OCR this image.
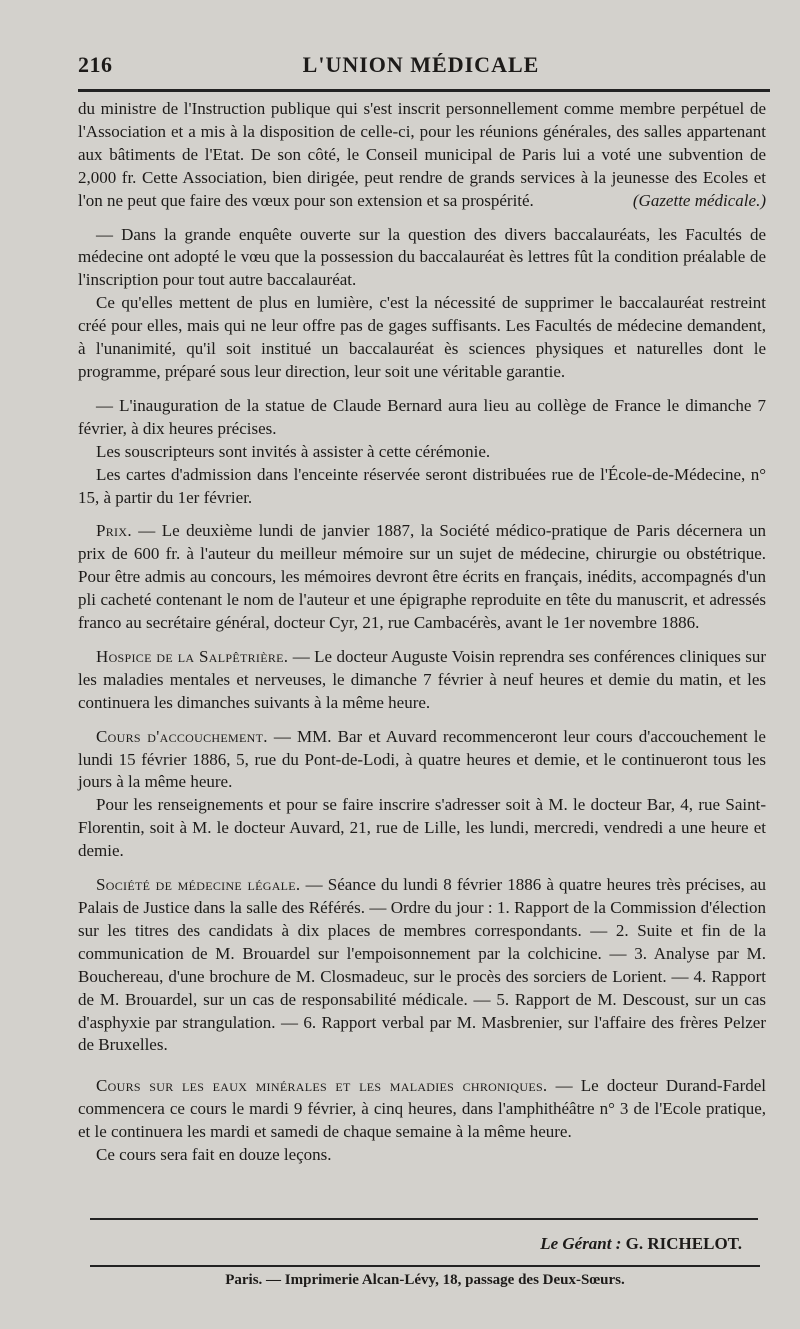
216	L'UNION MÉDICALE

du ministre de l'Instruction publique qui s'est inscrit personnellement comme membre perpétuel de l'Association et a mis à la disposition de celle-ci, pour les réunions générales, des salles appartenant aux bâtiments de l'Etat. De son côté, le Conseil municipal de Paris lui a voté une subvention de 2,000 fr. Cette Association, bien dirigée, peut rendre de grands services à la jeunesse des Ecoles et l'on ne peut que faire des vœux pour son extension et sa prospérité.	(Gazette médicale.)

— Dans la grande enquête ouverte sur la question des divers baccalauréats, les Facultés de médecine ont adopté le vœu que la possession du baccalauréat ès lettres fût la condition préalable de l'inscription pour tout autre baccalauréat.

Ce qu'elles mettent de plus en lumière, c'est la nécessité de supprimer le baccalauréat restreint créé pour elles, mais qui ne leur offre pas de gages suffisants. Les Facultés de médecine demandent, à l'unanimité, qu'il soit institué un baccalauréat ès sciences physiques et naturelles dont le programme, préparé sous leur direction, leur soit une véritable garantie.

— L'inauguration de la statue de Claude Bernard aura lieu au collège de France le dimanche 7 février, à dix heures précises.

Les souscripteurs sont invités à assister à cette cérémonie.

Les cartes d'admission dans l'enceinte réservée seront distribuées rue de l'École-de-Médecine, n° 15, à partir du 1er février.

Prix. — Le deuxième lundi de janvier 1887, la Société médico-pratique de Paris décernera un prix de 600 fr. à l'auteur du meilleur mémoire sur un sujet de médecine, chirurgie ou obstétrique. Pour être admis au concours, les mémoires devront être écrits en français, inédits, accompagnés d'un pli cacheté contenant le nom de l'auteur et une épigraphe reproduite en tête du manuscrit, et adressés franco au secrétaire général, docteur Cyr, 21, rue Cambacérès, avant le 1er novembre 1886.

Hospice de la Salpêtrière. — Le docteur Auguste Voisin reprendra ses conférences cliniques sur les maladies mentales et nerveuses, le dimanche 7 février à neuf heures et demie du matin, et les continuera les dimanches suivants à la même heure.

Cours d'accouchement. — MM. Bar et Auvard recommenceront leur cours d'accouchement le lundi 15 février 1886, 5, rue du Pont-de-Lodi, à quatre heures et demie, et le continueront tous les jours à la même heure.

Pour les renseignements et pour se faire inscrire s'adresser soit à M. le docteur Bar, 4, rue Saint-Florentin, soit à M. le docteur Auvard, 21, rue de Lille, les lundi, mercredi, vendredi a une heure et demie.

Société de médecine légale. — Séance du lundi 8 février 1886 à quatre heures très précises, au Palais de Justice dans la salle des Référés. — Ordre du jour : 1. Rapport de la Commission d'élection sur les titres des candidats à dix places de membres correspondants. — 2. Suite et fin de la communication de M. Brouardel sur l'empoisonnement par la colchicine. — 3. Analyse par M. Bouchereau, d'une brochure de M. Closmadeuc, sur le procès des sorciers de Lorient. — 4. Rapport de M. Brouardel, sur un cas de responsabilité médicale. — 5. Rapport de M. Descoust, sur un cas d'asphyxie par strangulation. — 6. Rapport verbal par M. Masbrenier, sur l'affaire des frères Pelzer de Bruxelles.

Cours sur les eaux minérales et les maladies chroniques. — Le docteur Durand-Fardel commencera ce cours le mardi 9 février, à cinq heures, dans l'amphithéâtre n° 3 de l'Ecole pratique, et le continuera les mardi et samedi de chaque semaine à la même heure.

Ce cours sera fait en douze leçons.

Le Gérant : G. RICHELOT.
Paris. — Imprimerie Alcan-Lévy, 18, passage des Deux-Sœurs.
